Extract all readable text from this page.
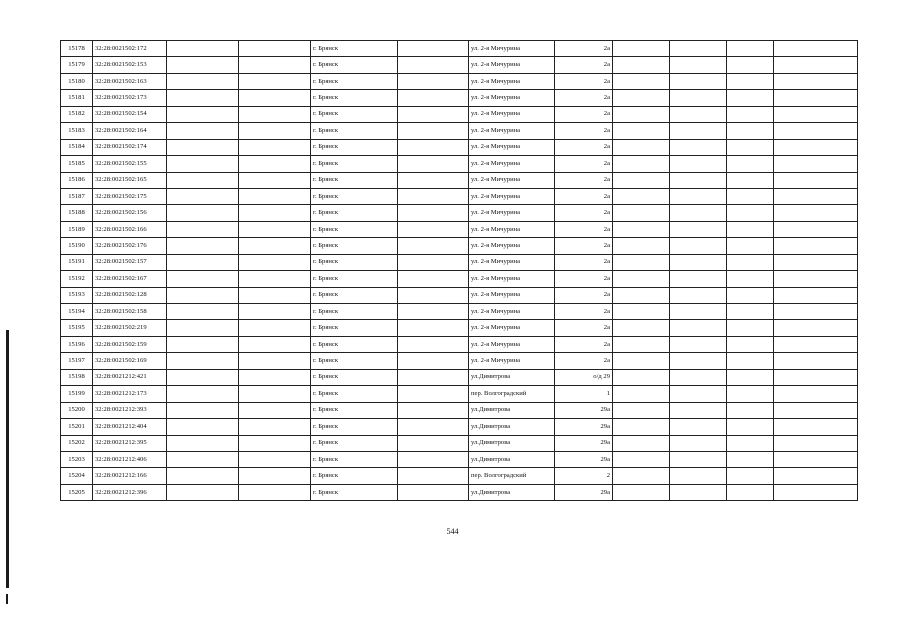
15178	32:28:0021502:172			г. Брянск		ул. 2-я Мичурина	2а				
15179	32:28:0021502:153			г. Брянск		ул. 2-я Мичурина	2а				
15180	32:28:0021502:163			г. Брянск		ул. 2-я Мичурина	2а				
15181	32:28:0021502:173			г. Брянск		ул. 2-я Мичурина	2а				
15182	32:28:0021502:154			г. Брянск		ул. 2-я Мичурина	2а				
15183	32:28:0021502:164			г. Брянск		ул. 2-я Мичурина	2а				
15184	32:28:0021502:174			г. Брянск		ул. 2-я Мичурина	2а				
15185	32:28:0021502:155			г. Брянск		ул. 2-я Мичурина	2а				
15186	32:28:0021502:165			г. Брянск		ул. 2-я Мичурина	2а				
15187	32:28:0021502:175			г. Брянск		ул. 2-я Мичурина	2а				
15188	32:28:0021502:156			г. Брянск		ул. 2-я Мичурина	2а				
15189	32:28:0021502:166			г. Брянск		ул. 2-я Мичурина	2а				
15190	32:28:0021502:176			г. Брянск		ул. 2-я Мичурина	2а				
15191	32:28:0021502:157			г. Брянск		ул. 2-я Мичурина	2а				
15192	32:28:0021502:167			г. Брянск		ул. 2-я Мичурина	2а				
15193	32:28:0021502:128			г. Брянск		ул. 2-я Мичурина	2а				
15194	32:28:0021502:158			г. Брянск		ул. 2-я Мичурина	2а				
15195	32:28:0021502:219			г. Брянск		ул. 2-я Мичурина	2а				
15196	32:28:0021502:159			г. Брянск		ул. 2-я Мичурина	2а				
15197	32:28:0021502:169			г. Брянск		ул. 2-я Мичурина	2а				
15198	32:28:0021212:421			г. Брянск		ул.Димитрова	о/д 29				
15199	32:28:0021212:173			г. Брянск		пер. Волгоградский	1				
15200	32:28:0021212:393			г. Брянск		ул.Димитрова	29а				
15201	32:28:0021212:404			г. Брянск		ул.Димитрова	29а				
15202	32:28:0021212:395			г. Брянск		ул.Димитрова	29а				
15203	32:28:0021212:406			г. Брянск		ул.Димитрова	29а				
15204	32:28:0021212:166			г. Брянск		пер. Волгоградский	2				
15205	32:28:0021212:396			г. Брянск		ул.Димитрова	29а				
544
